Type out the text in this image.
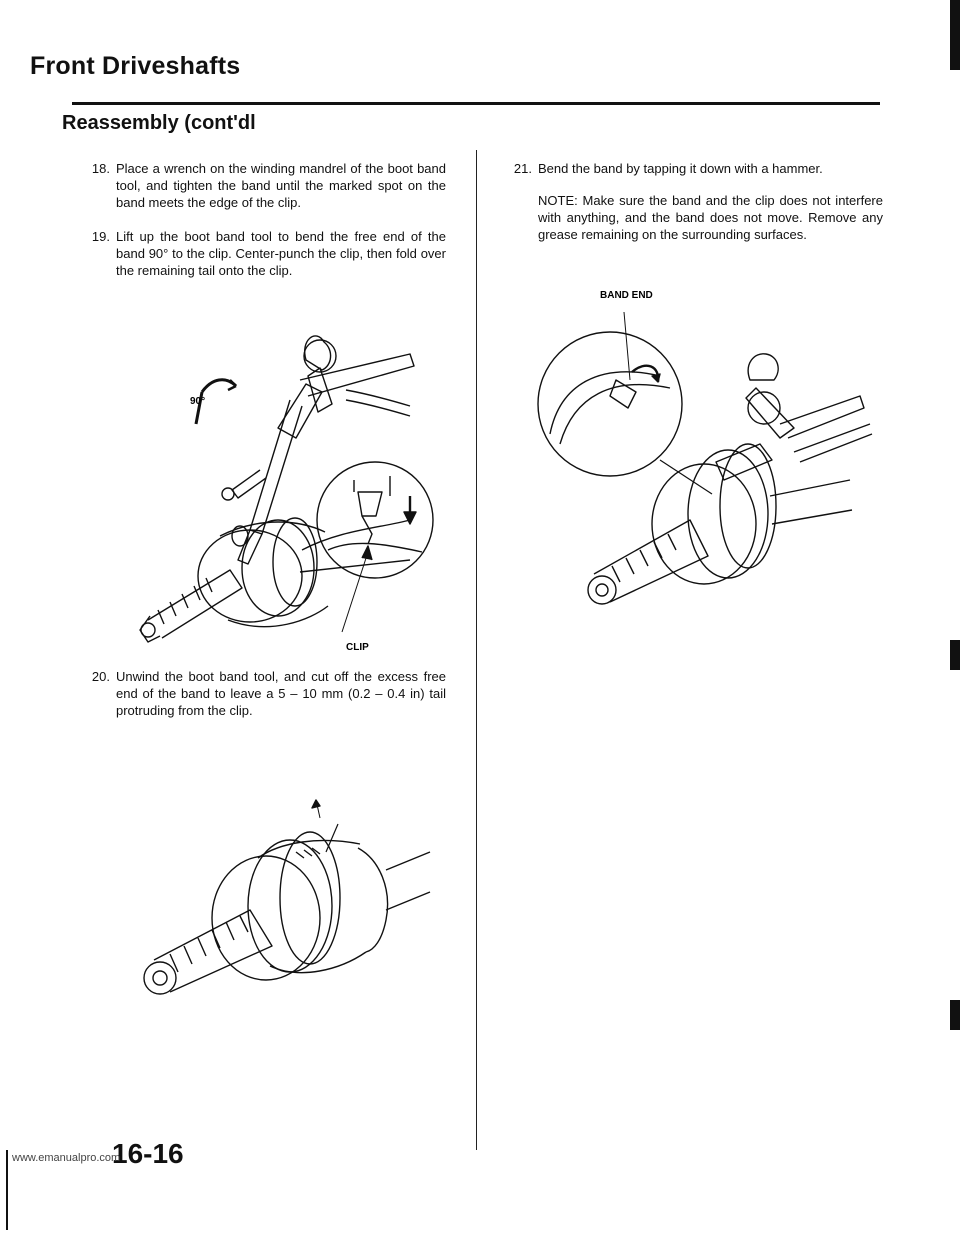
Front Driveshafts
Reassembly (cont'dl
18. Place a wrench on the winding mandrel of the boot band tool, and tighten the band until the marked spot on the band meets the edge of the clip.
19. Lift up the boot band tool to bend the free end of the band 90° to the clip. Center-punch the clip, then fold over the remaining tail onto the clip.
90°
CLIP
20. Unwind the boot band tool, and cut off the excess free end of the band to leave a 5 – 10 mm (0.2 – 0.4 in) tail protruding from the clip.
21. Bend the band by tapping it down with a hammer.
NOTE: Make sure the band and the clip does not interfere with anything, and the band does not move. Remove any grease remaining on the surrounding surfaces.
BAND END
16-16
www.emanualpro.com
